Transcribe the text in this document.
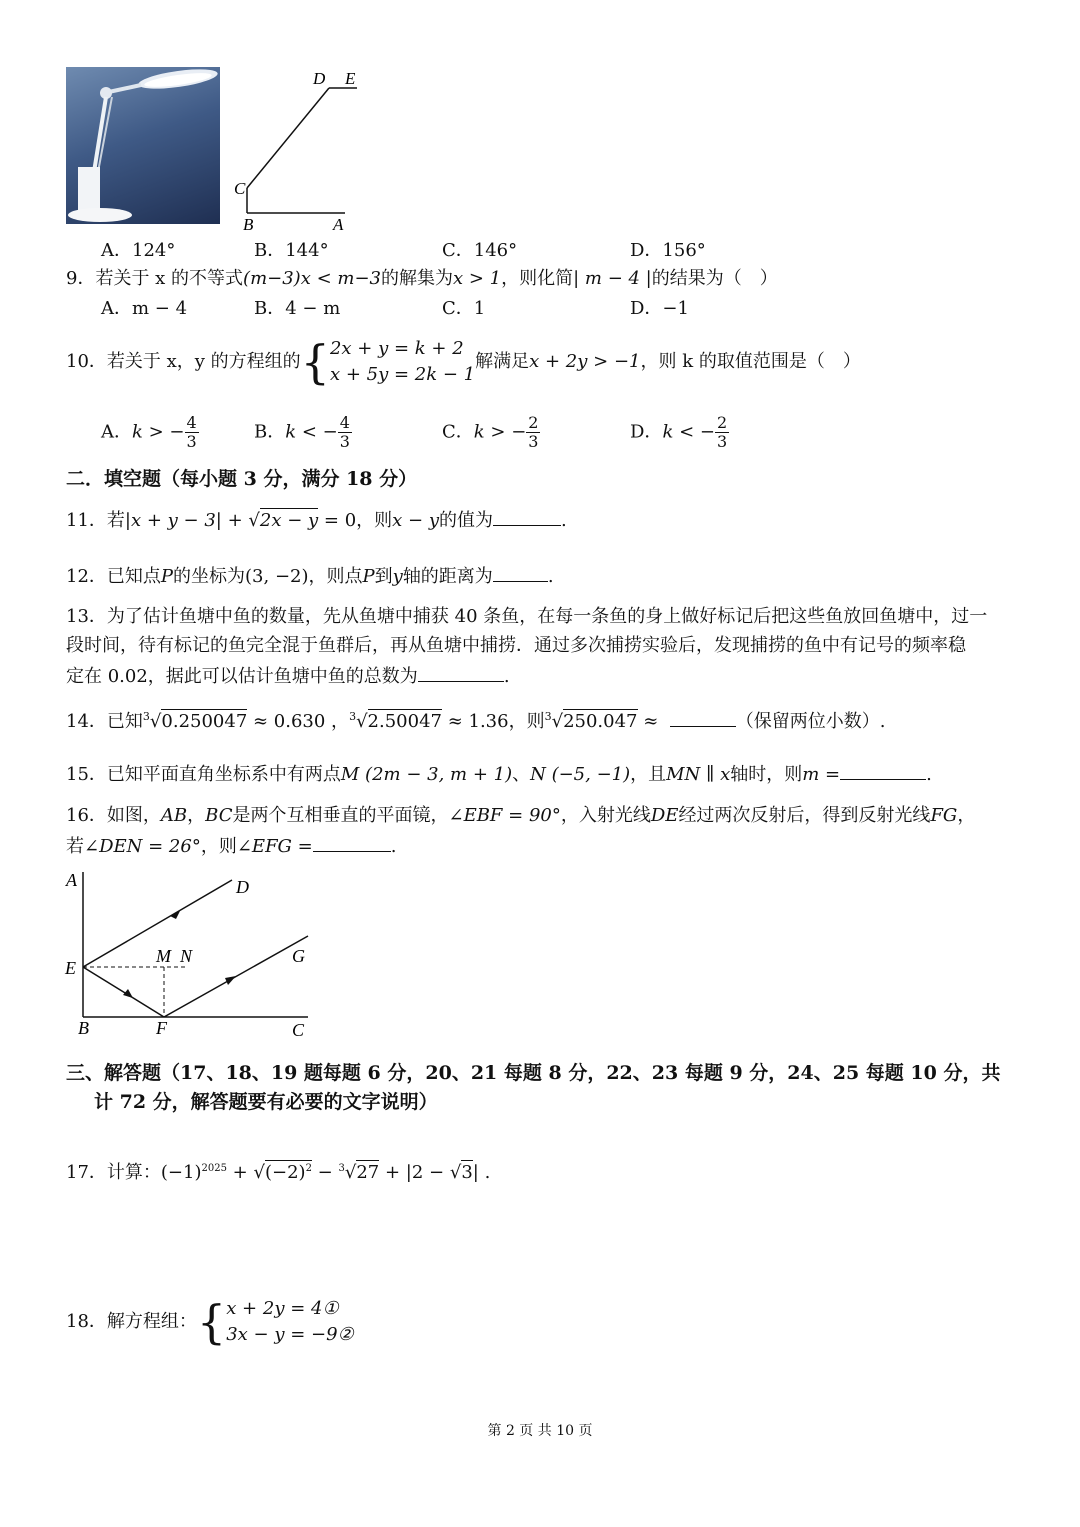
D E
C
B	A
A．124°	B．144°	C．146°	D．156°
9．若关于 x 的不等式(m−3)x < m−3的解集为x > 1，则化简| m − 4 |的结果为（　）
A．m − 4	B．4 − m	C．1	D．−1
10．若关于 x，y 的方程组的{ 2x + y = k + 2
x + 5y = 2k − 1
解满足x + 2y > −1，则 k 的取值范围是（　）
A．k > − $\frac{4}{3}$	B．k < − $\frac{4}{3}$	C．k > − $\frac{2}{3}$	D．k < − $\frac{2}{3}$
二．填空题（每小题 3 分，满分 18 分）
11．若|x + y − 3| + √2x − y = 0，则x − y的值为	.
12．已知点P的坐标为(3, −2)，则点P到y轴的距离为	.
13．为了估计鱼塘中鱼的数量，先从鱼塘中捕获 40 条鱼，在每一条鱼的身上做好标记后把这些鱼放回鱼塘中，过一
段时间，待有标记的鱼完全混于鱼群后，再从鱼塘中捕捞．通过多次捕捞实验后，发现捕捞的鱼中有记号的频率稳
定在 0.02，据此可以估计鱼塘中鱼的总数为	.
14．已知$^3$√0.250047 ≈ 0.630 ，$^3$√2.50047 ≈ 1.36，则$^3$√250.047 ≈	（保留两位小数）.
15．已知平面直角坐标系中有两点M (2m − 3, m + 1)、N (−5, −1)，且MN ∥ x轴时，则m =	.
16．如图，AB，BC是两个互相垂直的平面镜，∠EBF = 90°，入射光线DE经过两次反射后，得到反射光线FG，
若∠DEN = 26°，则∠EFG =	.
A	D
M N	G
E
B	F	C
三、解答题（17、18、19 题每题 6 分，20、21 每题 8 分，22、23 每题 9 分，24、25 每题 10 分，共
计 72 分，解答题要有必要的文字说明）
17．计算：$(-1)^{2025} + √(-2)^2 - ^3√27 + |2 - √3|$ .
18．解方程组：{ x + 2y = 4①
3x − y = −9②
第 2 页 共 10 页
